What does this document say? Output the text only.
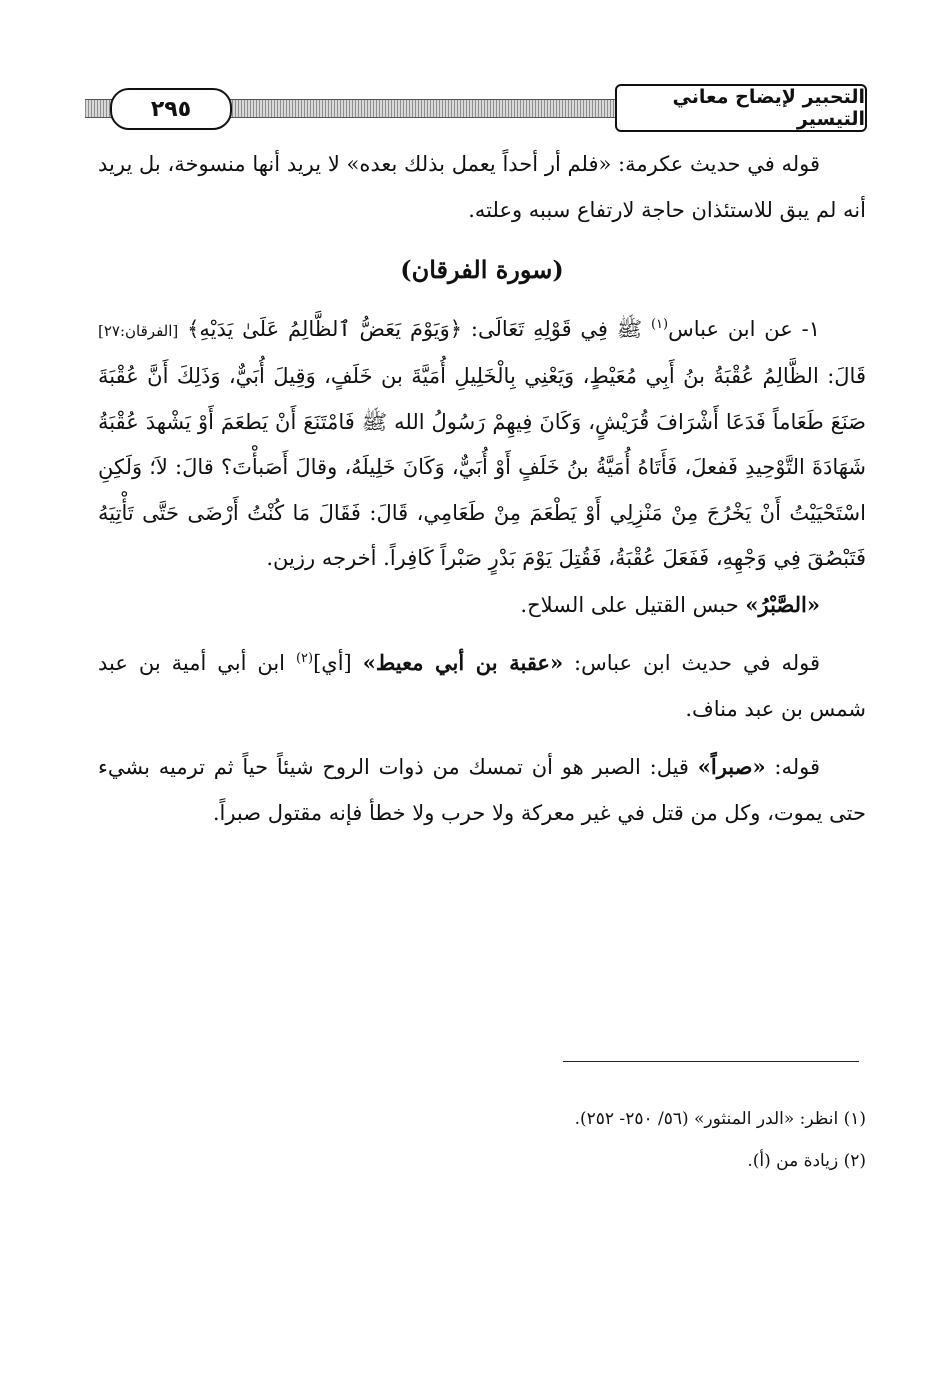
٢٩٥	التحبير لإيضاح معاني التيسير

قوله في حديث عكرمة: «فلم أر أحداً يعمل بذلك بعده» لا يريد أنها منسوخة، بل يريد أنه لم يبق للاستئذان حاجة لارتفاع سببه وعلته.

(سورة الفرقان)

١- عن ابن عباس$^{(١)}$ ﷺ فِي قَوْلِهِ تَعَالَى: ﴿وَيَوْمَ يَعَضُّ ٱلظَّالِمُ عَلَىٰ يَدَيْهِ﴾ [الفرقان:٢٧] قَالَ: الظَّالِمُ عُقْبَةُ بنُ أَبِي مُعَيْطٍ، وَيَعْنِي بِالْخَلِيلِ أُمَيَّةَ بن خَلَفٍ، وَقِيلَ أُبَيٌّ، وَذَلِكَ أَنَّ عُقْبَةَ صَنَعَ طَعَاماً فَدَعَا أَشْرَافَ قُرَيْشٍ، وَكَانَ فِيهِمْ رَسُولُ الله ﷺ فَامْتَنَعَ أَنْ يَطعَمَ أَوْ يَشْهدَ عُقْبَةُ شَهَادَةَ التَّوْحِيدِ فَفعلَ، فَأَتَاهُ أُمَيَّةُ بنُ خَلَفٍ أَوْ أُبَيٌّ، وَكَانَ خَلِيلَهُ، وقالَ أَصَبأْتَ؟ قالَ: لاَ؛ وَلَكِنِ اسْتَحْيَيْتُ أَنْ يَخْرُجَ مِنْ مَنْزِلِي أَوْ يَطْعَمَ مِنْ طَعَامِي، قَالَ: فَقَالَ مَا كُنْتُ أَرْضَى حَتَّى تَأْتِيَهُ فَتَبْصُقَ فِي وَجْهِهِ، فَفَعَلَ عُقْبَةُ، فَقُتِلَ يَوْمَ بَدْرٍ صَبْراً كَافِراً. أخرجه رزين.

«الصَّبْرُ» حبس القتيل على السلاح.

قوله في حديث ابن عباس: «عقبة بن أبي معيط» [أي]$^{(٢)}$ ابن أبي أمية بن عبد شمس بن عبد مناف.

قوله: «صبراً» قيل: الصبر هو أن تمسك من ذوات الروح شيئاً حياً ثم ترميه بشيء حتى يموت، وكل من قتل في غير معركة ولا حرب ولا خطأ فإنه مقتول صبراً.

(١) انظر: «الدر المنثور» (٥٦/ ٢٥٠- ٢٥٢).

(٢) زيادة من (أ).
